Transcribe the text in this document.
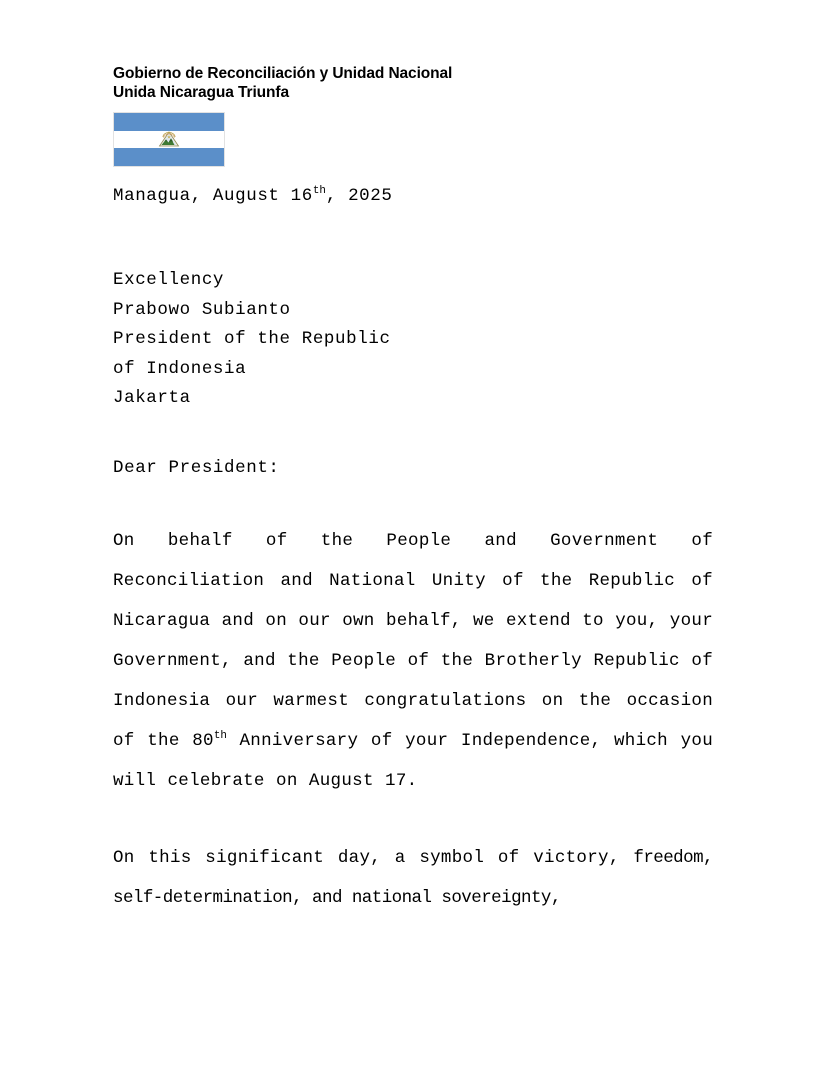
Gobierno de Reconciliación y Unidad Nacional
Unida Nicaragua Triunfa
Managua, August 16th, 2025
Excellency
Prabowo Subianto
President of the Republic
of Indonesia
Jakarta
Dear President:
On behalf of the People and Government of Reconciliation and National Unity of the Republic of Nicaragua and on our own behalf, we extend to you, your Government, and the People of the Brotherly Republic of Indonesia our warmest congratulations on the occasion of the 80th Anniversary of your Independence, which you will celebrate on August 17.
On this significant day, a symbol of victory, freedom, self-determination, and national sovereignty,
